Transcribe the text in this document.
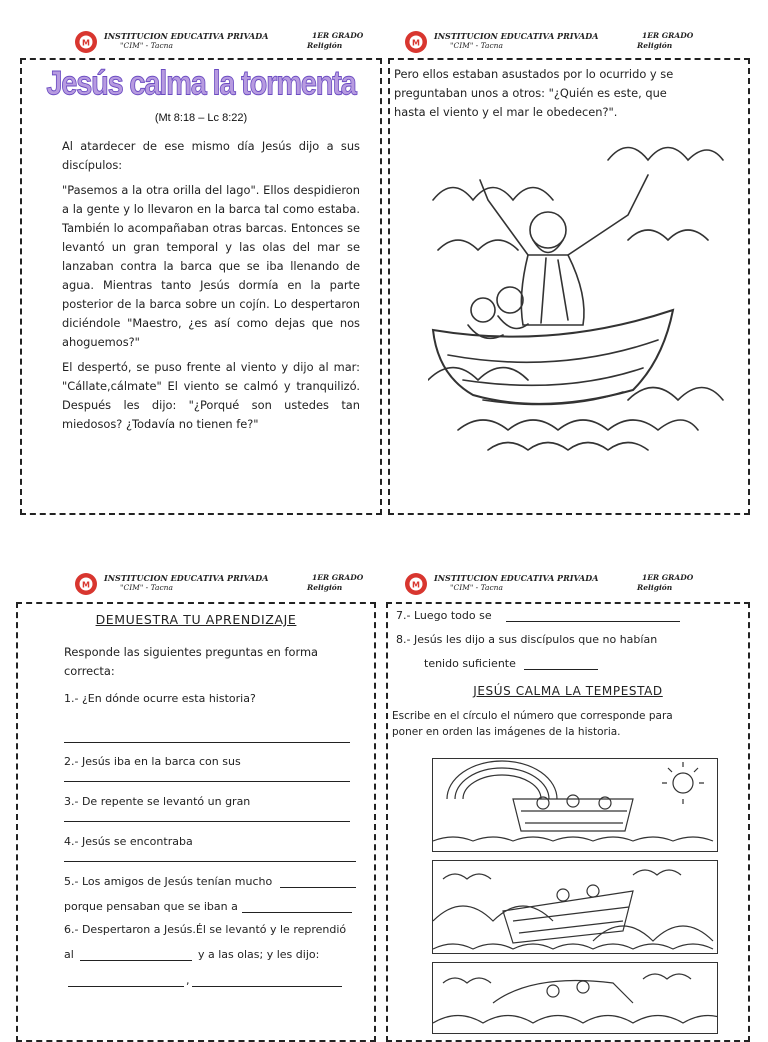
M
INSTITUCION EDUCATIVA PRIVADA
"CIM" - Tacna
1ER GRADO
Religión	M
INSTITUCION EDUCATIVA PRIVADA
"CIM" - Tacna
1ER GRADO
Religión
M
INSTITUCION EDUCATIVA PRIVADA
"CIM" - Tacna
1ER GRADO
Religión	M
INSTITUCION EDUCATIVA PRIVADA
"CIM" - Tacna
1ER GRADO
Religión
Jesús calma la tormenta
(Mt 8:18 – Lc 8:22)

Al atardecer de ese mismo día Jesús dijo a sus discípulos:

"Pasemos a la otra orilla del lago". Ellos despidieron a la gente y lo llevaron en la barca tal como estaba. También lo acompañaban otras barcas. Entonces se levantó un gran temporal y las olas del mar se lanzaban contra la barca que se iba llenando de agua. Mientras tanto Jesús dormía en la parte posterior de la barca sobre un cojín. Lo despertaron diciéndole "Maestro, ¿es así como dejas que nos ahoguemos?"

El despertó, se puso frente al viento y dijo al mar: "Cállate,cálmate" El viento se calmó y tranquilizó. Después les dijo: "¿Porqué son ustedes tan miedosos? ¿Todavía no tienen fe?"

Pero ellos estaban asustados por lo ocurrido y se preguntaban unos a otros: "¿Quién es este, que hasta el viento y el mar le obedecen?".
DEMUESTRA TU APRENDIZAJE
Responde las siguientes preguntas en forma correcta:
1.- ¿En dónde ocurre esta historia?
2.- Jesús iba en la barca con sus
3.- De repente se levantó un gran
4.- Jesús se encontraba
5.- Los amigos de Jesús tenían mucho
porque pensaban que se iban a
6.- Despertaron a Jesús.Él se levantó y le reprendió
al	y a las olas; y les dijo:
,
7.- Luego todo se
8.- Jesús les dijo a sus discípulos que no habían
tenido suficiente
JESÚS CALMA LA TEMPESTAD
Escribe en el círculo el número que corresponde para poner en orden las imágenes de la historia.
